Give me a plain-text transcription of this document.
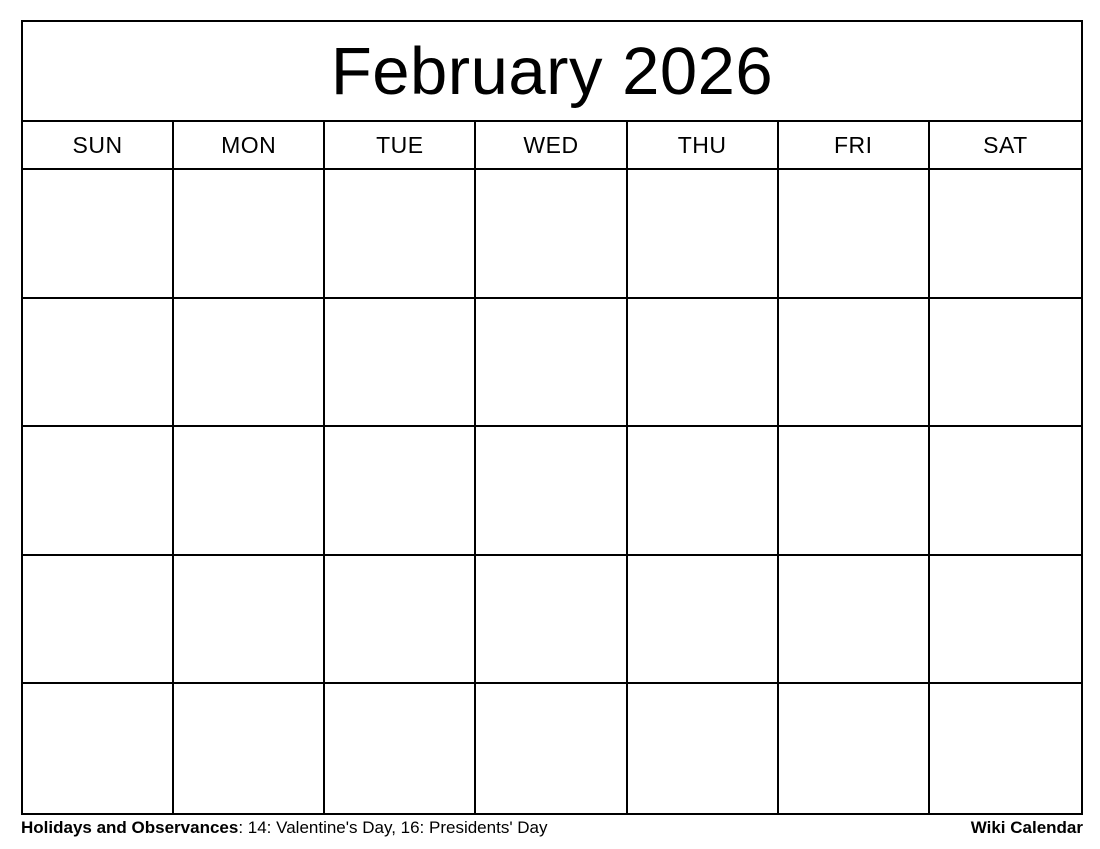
February 2026
SUN	MON	TUE	WED	THU	FRI	SAT
Holidays and Observances: 14: Valentine's Day, 16: Presidents' Day	Wiki Calendar
